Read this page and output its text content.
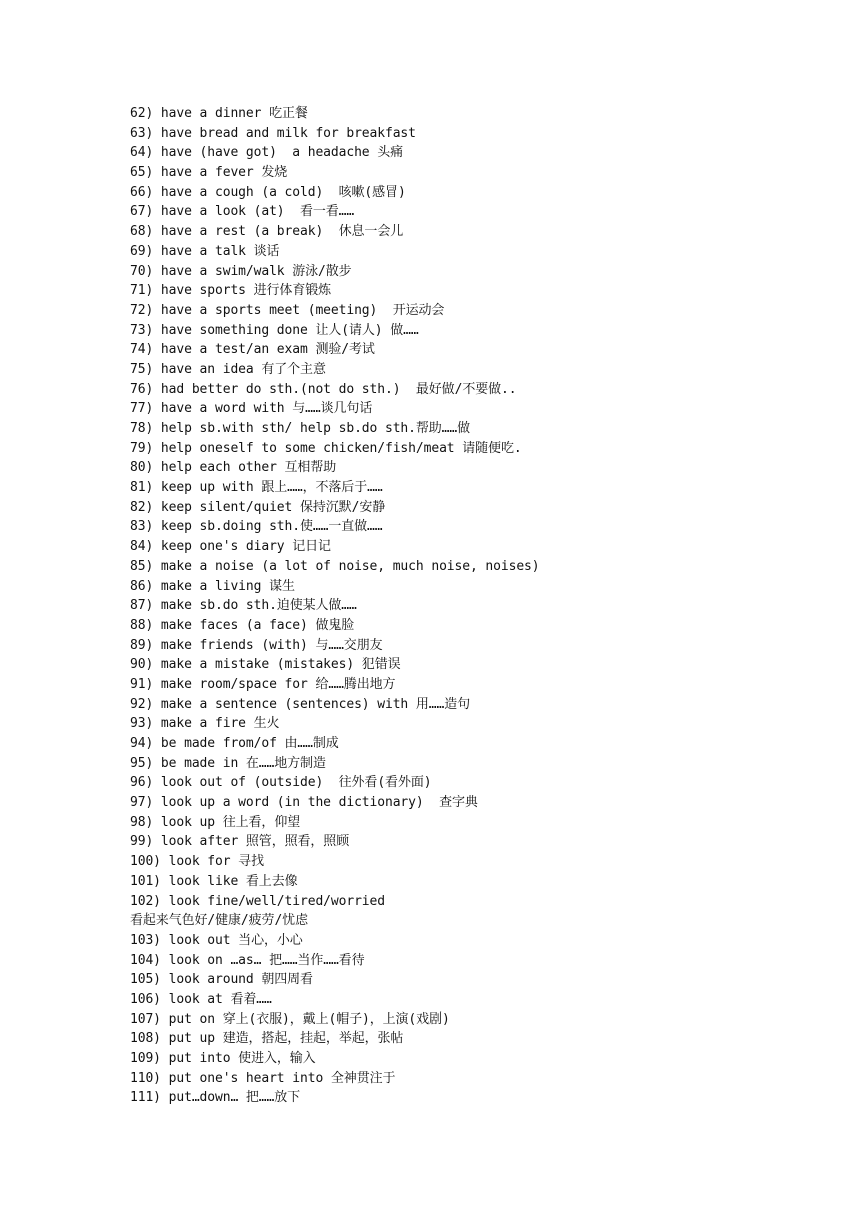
62) have a dinner 吃正餐
63) have bread and milk for breakfast
64) have (have got)  a headache 头痛
65) have a fever 发烧
66) have a cough (a cold)  咳嗽(感冒)
67) have a look (at)  看一看……
68) have a rest (a break)  休息一会儿
69) have a talk 谈话
70) have a swim/walk 游泳/散步
71) have sports 进行体育锻炼
72) have a sports meet (meeting)  开运动会
73) have something done 让人(请人) 做……
74) have a test/an exam 测验/考试
75) have an idea 有了个主意
76) had better do sth.(not do sth.)  最好做/不要做..
77) have a word with 与……谈几句话
78) help sb.with sth/ help sb.do sth.帮助……做
79) help oneself to some chicken/fish/meat 请随便吃.
80) help each other 互相帮助
81) keep up with 跟上……，不落后于……
82) keep silent/quiet 保持沉默/安静
83) keep sb.doing sth.使……一直做……
84) keep one's diary 记日记
85) make a noise (a lot of noise, much noise, noises)
86) make a living 谋生
87) make sb.do sth.迫使某人做……
88) make faces (a face) 做鬼脸
89) make friends (with) 与……交朋友
90) make a mistake (mistakes) 犯错误
91) make room/space for 给……腾出地方
92) make a sentence (sentences) with 用……造句
93) make a fire 生火
94) be made from/of 由……制成
95) be made in 在……地方制造
96) look out of (outside)  往外看(看外面)
97) look up a word (in the dictionary)  查字典
98) look up 往上看，仰望
99) look after 照管，照看，照顾
100) look for 寻找
101) look like 看上去像
102) look fine/well/tired/worried
看起来气色好/健康/疲劳/忧虑
103) look out 当心，小心
104) look on …as… 把……当作……看待
105) look around 朝四周看
106) look at 看着……
107) put on 穿上(衣服)，戴上(帽子)，上演(戏剧)
108) put up 建造，搭起，挂起，举起，张帖
109) put into 使进入，输入
110) put one's heart into 全神贯注于
111) put…down… 把……放下
